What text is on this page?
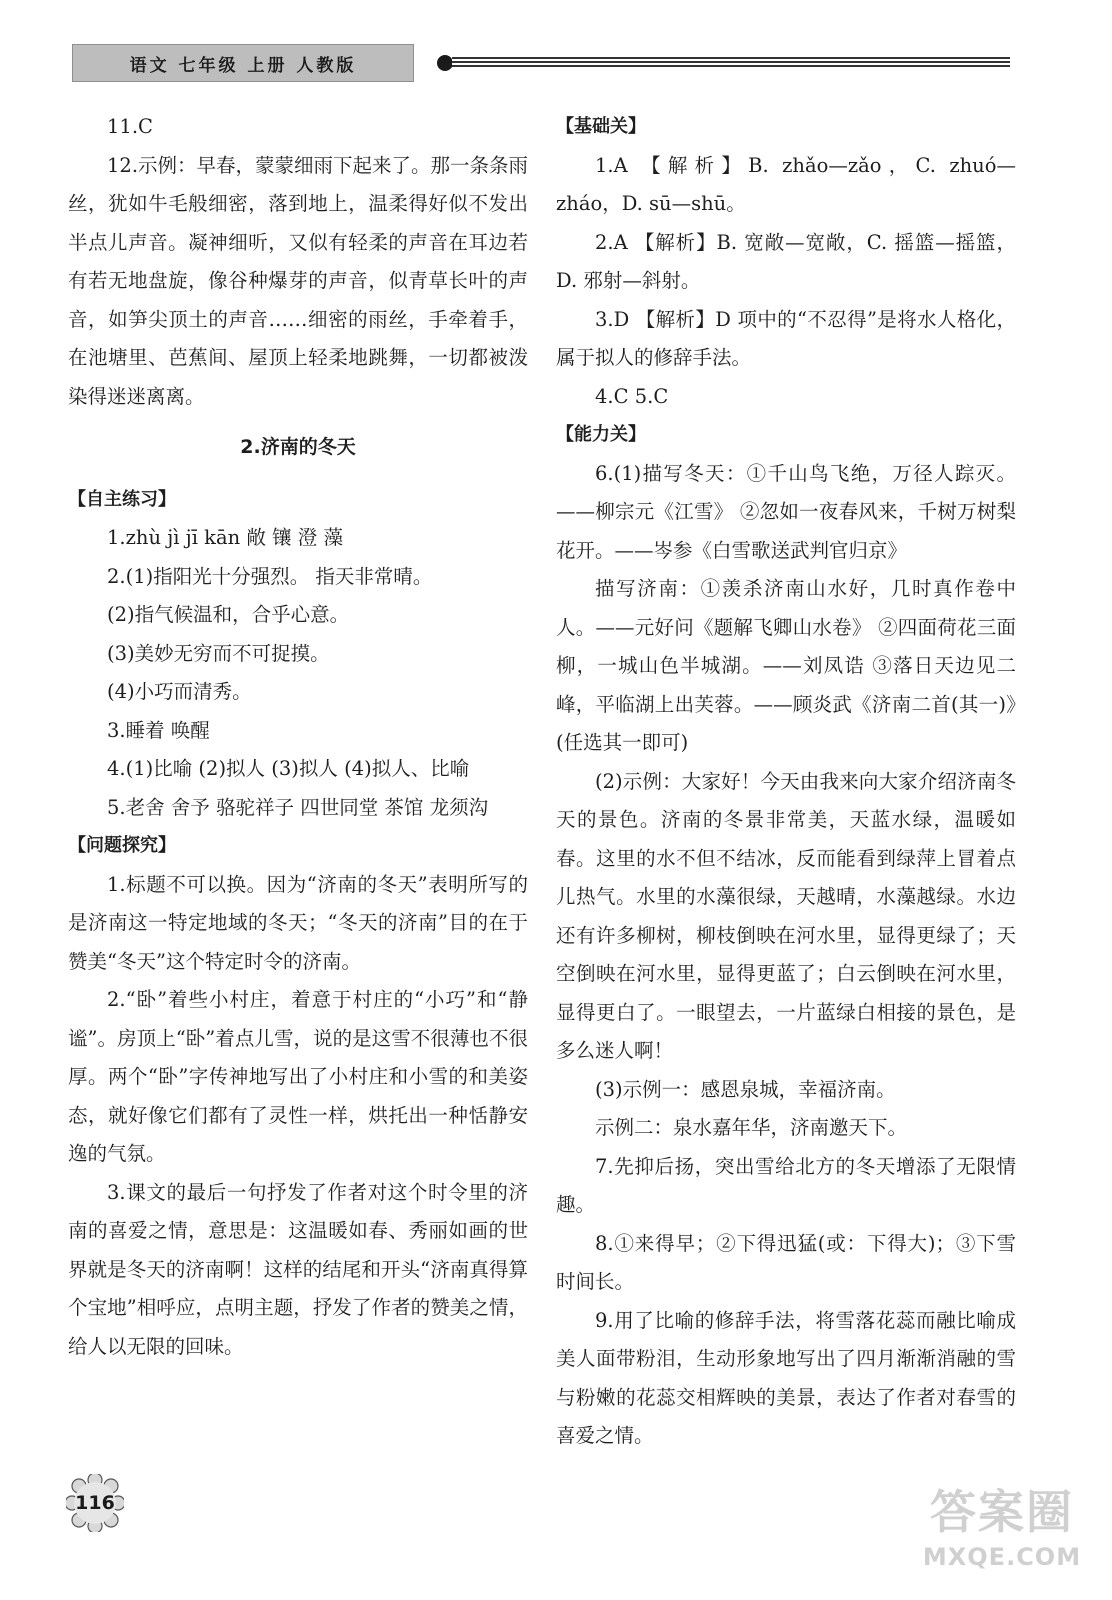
语文 七年级 上册 人教版

11.C

12.示例：早春，蒙蒙细雨下起来了。那一条条雨丝，犹如牛毛般细密，落到地上，温柔得好似不发出半点儿声音。凝神细听，又似有轻柔的声音在耳边若有若无地盘旋，像谷种爆芽的声音，似青草长叶的声音，如笋尖顶土的声音……细密的雨丝，手牵着手，在池塘里、芭蕉间、屋顶上轻柔地跳舞，一切都被泼染得迷迷离离。

2.济南的冬天

【自主练习】

1.zhù jì jī kān 敞 镶 澄 藻

2.(1)指阳光十分强烈。 指天非常晴。

(2)指气候温和，合乎心意。

(3)美妙无穷而不可捉摸。

(4)小巧而清秀。

3.睡着 唤醒

4.(1)比喻 (2)拟人 (3)拟人 (4)拟人、比喻

5.老舍 舍予 骆驼祥子 四世同堂 茶馆 龙须沟

【问题探究】

1.标题不可以换。因为“济南的冬天”表明所写的是济南这一特定地域的冬天；“冬天的济南”目的在于赞美“冬天”这个特定时令的济南。

2.“卧”着些小村庄，着意于村庄的“小巧”和“静谧”。房顶上“卧”着点儿雪，说的是这雪不很薄也不很厚。两个“卧”字传神地写出了小村庄和小雪的和美姿态，就好像它们都有了灵性一样，烘托出一种恬静安逸的气氛。

3.课文的最后一句抒发了作者对这个时令里的济南的喜爱之情，意思是：这温暖如春、秀丽如画的世界就是冬天的济南啊！这样的结尾和开头“济南真得算个宝地”相呼应，点明主题，抒发了作者的赞美之情，给人以无限的回味。

【基础关】

1.A 【解析】B. zhǎo—zǎo，C. zhuó—zháo，D. sū—shū。

2.A 【解析】B. 宽敞—宽敞，C. 摇篮—摇篮，D. 邪射—斜射。

3.D 【解析】D 项中的“不忍得”是将水人格化，属于拟人的修辞手法。

4.C 5.C

【能力关】

6.(1)描写冬天：①千山鸟飞绝，万径人踪灭。——柳宗元《江雪》 ②忽如一夜春风来，千树万树梨花开。——岑参《白雪歌送武判官归京》

描写济南：①羡杀济南山水好，几时真作卷中人。——元好问《题解飞卿山水卷》 ②四面荷花三面柳，一城山色半城湖。——刘凤诰 ③落日天边见二峰，平临湖上出芙蓉。——顾炎武《济南二首(其一)》(任选其一即可)

(2)示例：大家好！今天由我来向大家介绍济南冬天的景色。济南的冬景非常美，天蓝水绿，温暖如春。这里的水不但不结冰，反而能看到绿萍上冒着点儿热气。水里的水藻很绿，天越晴，水藻越绿。水边还有许多柳树，柳枝倒映在河水里，显得更绿了；天空倒映在河水里，显得更蓝了；白云倒映在河水里，显得更白了。一眼望去，一片蓝绿白相接的景色，是多么迷人啊！

(3)示例一：感恩泉城，幸福济南。

示例二：泉水嘉年华，济南邀天下。

7.先抑后扬，突出雪给北方的冬天增添了无限情趣。

8.①来得早；②下得迅猛(或：下得大)；③下雪时间长。

9.用了比喻的修辞手法，将雪落花蕊而融比喻成美人面带粉泪，生动形象地写出了四月渐渐消融的雪与粉嫩的花蕊交相辉映的美景，表达了作者对春雪的喜爱之情。

116	答案圈
MXQE.COM
